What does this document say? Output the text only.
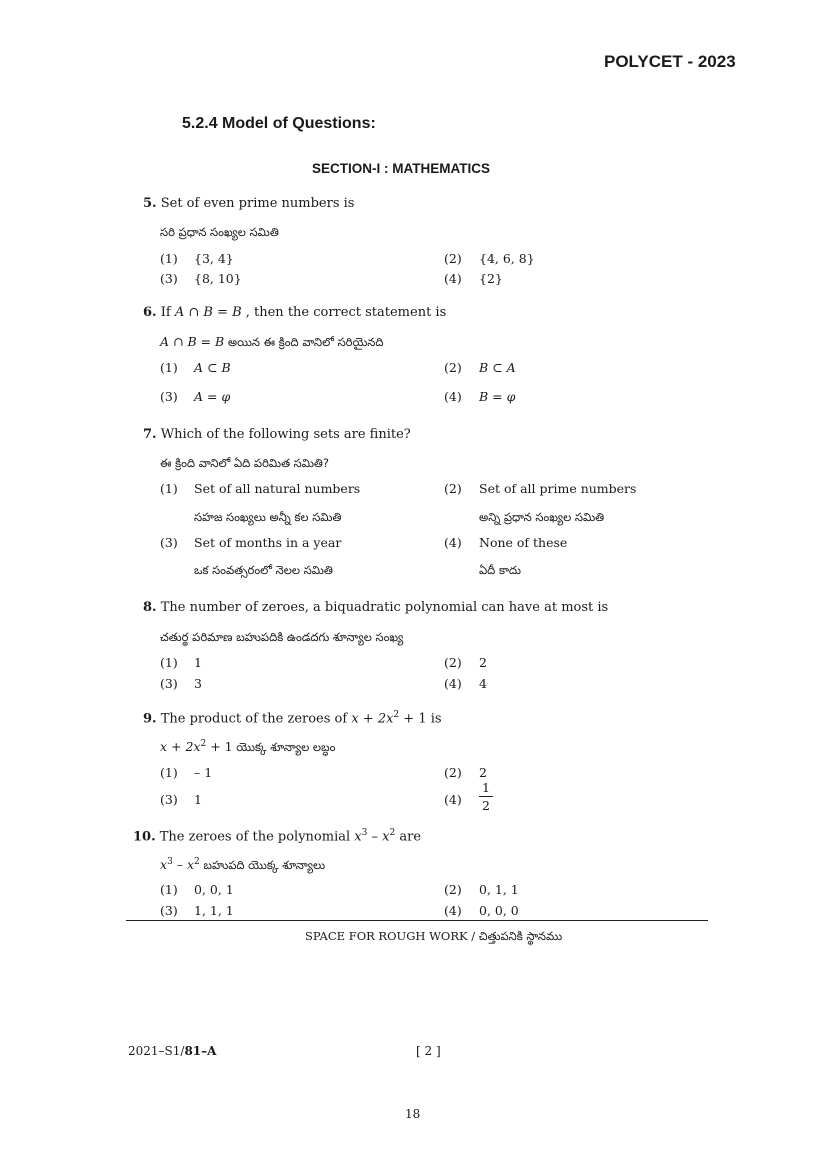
POLYCET - 2023
5.2.4 Model of Questions:
SECTION-I : MATHEMATICS
5. Set of even prime numbers is
సరి ప్రధాన సంఖ్యల సమితి
(1) {3, 4}	(2) {4, 6, 8}
(3) {8, 10}	(4) {2}
6. If A ∩ B = B , then the correct statement is
A ∩ B = B అయిన ఈ క్రింది వానిలో సరియైనది
(1) A ⊂ B	(2) B ⊂ A
(3) A = φ	(4) B = φ
7. Which of the following sets are finite?
ఈ క్రింది వానిలో ఏది పరిమిత సమితి?
(1) Set of all natural numbers
సహజ సంఖ్యలు అన్నీ కల సమితి
(2) Set of all prime numbers
అన్ని ప్రధాన సంఖ్యల సమితి
(3) Set of months in a year
ఒక సంవత్సరంలో నెలల సమితి
(4) None of these
ఏదీ కాదు
8. The number of zeroes, a biquadratic polynomial can have at most is
చతుర్థ పరిమాణ బహుపదికి ఉండదగు శూన్యాల సంఖ్య
(1) 1	(2) 2
(3) 3	(4) 4
9. The product of the zeroes of $x + 2x^2 + 1$ is
$x + 2x^2 + 1$ యొక్క శూన్యాల లబ్ధం
(1) – 1	(2) 2
(3) 1	(4)
1
2
10. The zeroes of the polynomial $x^3 - x^2$ are
$x^3 - x^2$ బహుపది యొక్క శూన్యాలు
(1) 0, 0, 1	(2) 0, 1, 1
(3) 1, 1, 1	(4) 0, 0, 0
SPACE FOR ROUGH WORK / చిత్తుపనికి స్థానము
2021–S1/81–A	[ 2 ]
18
